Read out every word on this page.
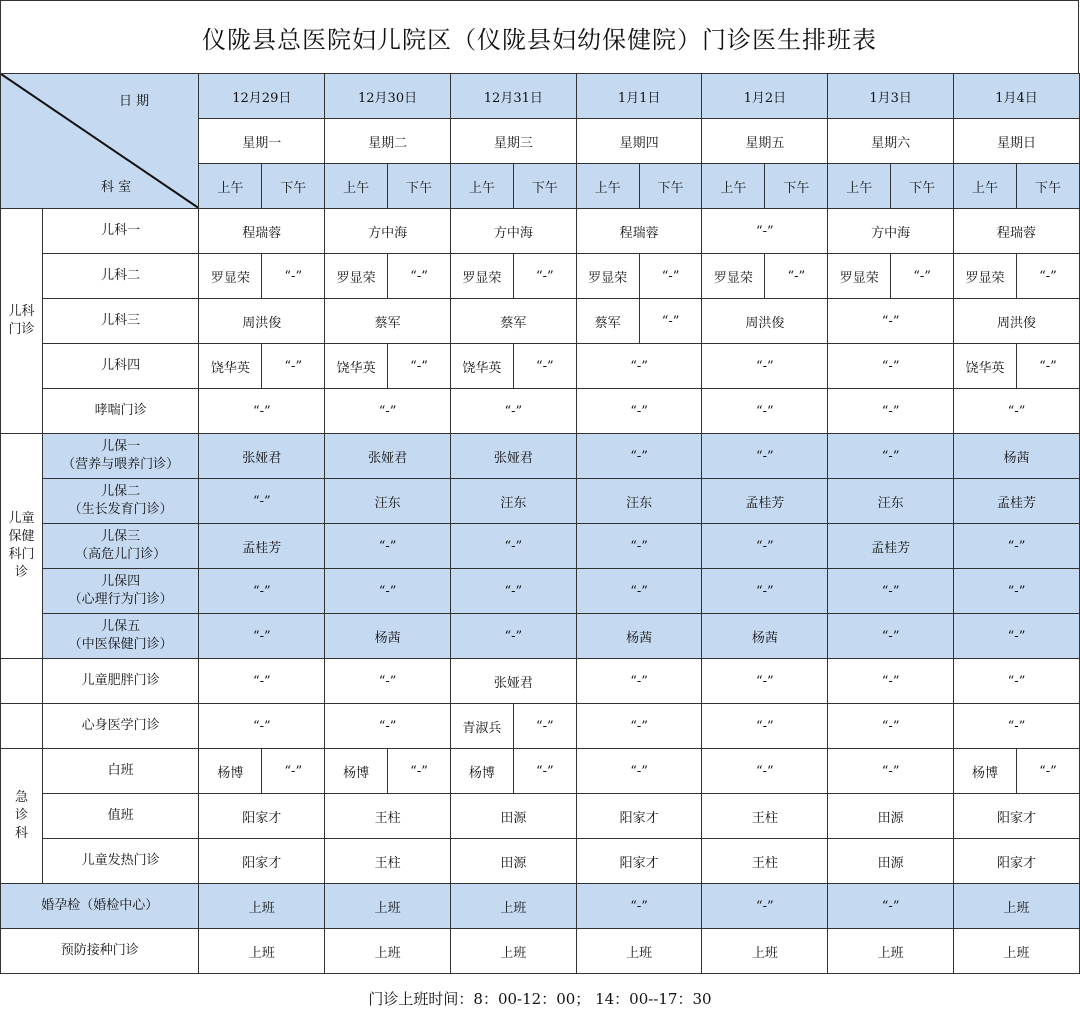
仪陇县总医院妇儿院区（仪陇县妇幼保健院）门诊医生排班表
日 期
科 室		12月29日		12月30日		12月31日		1月1日		1月2日		1月3日		1月4日	
		星期一		星期二		星期三		星期四		星期五		星期六		星期日	
		上午	下午	上午	下午	上午	下午	上午	下午	上午	下午	上午	下午	上午	下午
儿科
门诊	儿科一	程瑞蓉		方中海		方中海		程瑞蓉		“-”		方中海		程瑞蓉	
	儿科二	罗显荣	“-”	罗显荣	“-”	罗显荣	“-”	罗显荣	“-”	罗显荣	“-”	罗显荣	“-”	罗显荣	“-”
	儿科三	周洪俊		蔡军		蔡军		蔡军	“-”	周洪俊		“-”		周洪俊	
	儿科四	饶华英	“-”	饶华英	“-”	饶华英	“-”	“-”		“-”		“-”		饶华英	“-”
	哮喘门诊	“-”		“-”		“-”		“-”		“-”		“-”		“-”	
儿童
保健
科门
诊	儿保一
（营养与喂养门诊）	张娅君		张娅君		张娅君		“-”		“-”		“-”		杨茜	
	儿保二
（生长发育门诊）	“-”		汪东		汪东		汪东		孟桂芳		汪东		孟桂芳	
	儿保三
（高危儿门诊）	孟桂芳		“-”		“-”		“-”		“-”		孟桂芳		“-”	
	儿保四
（心理行为门诊）	“-”		“-”		“-”		“-”		“-”		“-”		“-”	
	儿保五
（中医保健门诊）	“-”		杨茜		“-”		杨茜		杨茜		“-”		“-”	
	儿童肥胖门诊	“-”		“-”		张娅君		“-”		“-”		“-”		“-”	
	心身医学门诊	“-”		“-”		青淑兵	“-”	“-”		“-”		“-”		“-”	
急
诊
科	白班	杨博	“-”	杨博	“-”	杨博	“-”	“-”		“-”		“-”		杨博	“-”
	值班	阳家才		王柱		田源		阳家才		王柱		田源		阳家才	
	儿童发热门诊	阳家才		王柱		田源		阳家才		王柱		田源		阳家才	
婚孕检（婚检中心）		上班		上班		上班		“-”		“-”		“-”		上班	
预防接种门诊		上班		上班		上班		上班		上班		上班		上班	
门诊上班时间：8：00-12：00； 14：00--17：30
